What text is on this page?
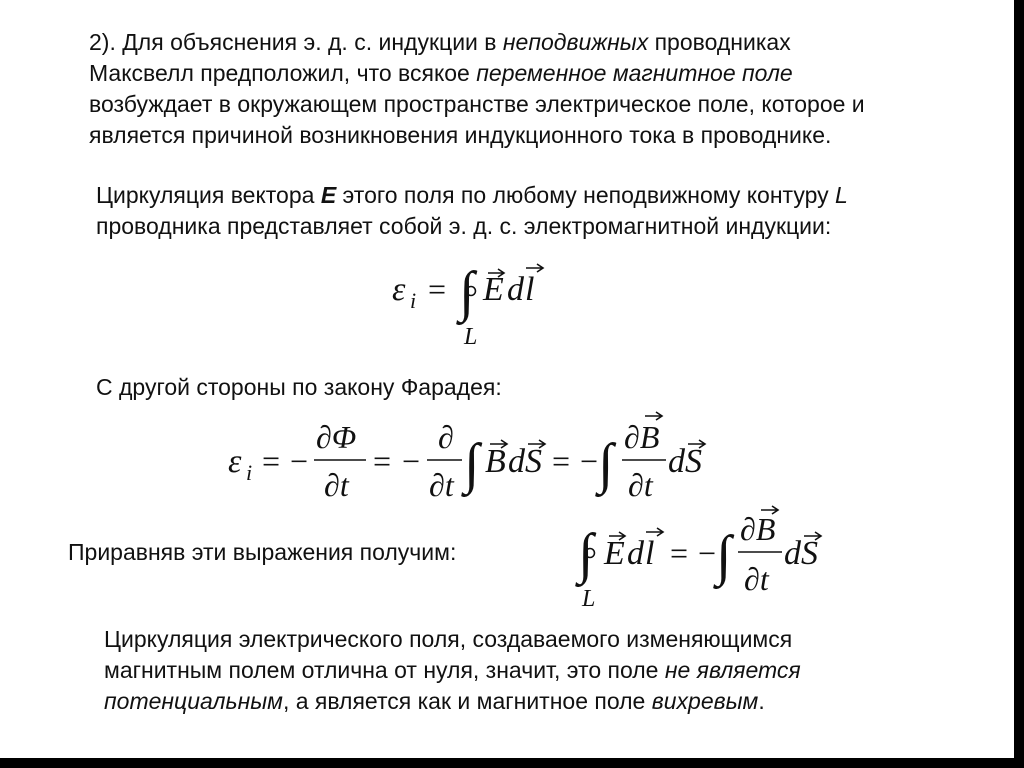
2). Для объяснения э. д. с. индукции в неподвижных проводниках

Максвелл предположил, что всякое переменное магнитное поле

возбуждает в окружающем пространстве электрическое поле, которое и

является причиной возникновения индукционного тока в проводнике.

Циркуляция вектора E этого поля по любому неподвижному контуру L

проводника представляет собой э. д. с. электромагнитной индукции:

ε i = ∫
L
E d l

С другой стороны по закону Фарадея:

ε i = −
∂Φ
∂t
= −
∂
∂t ∫ B dS = − ∫ ∂B
∂t
dS

Приравняв эти выражения получим: ∫
L
E d l = − ∫ ∂B
∂t
dS

Циркуляция электрического поля, создаваемого изменяющимся

магнитным полем отлична от нуля, значит, это поле не является

потенциальным, а является как и магнитное поле вихревым.
